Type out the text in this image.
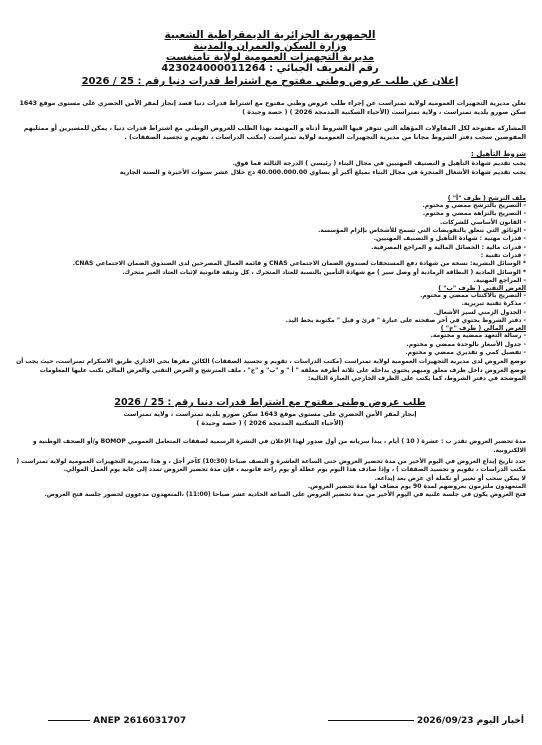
الجمهورية الجزائرية الديمقراطية الشعبية
وزارة السكن والعمران والمدينة
مديرية التجهيزات العمومية لولاية تامنغست
رقم التعريف الجبائي : 423024000011264
إعلان عن طلب عروض وطني مفتوح مع اشتراط قدرات دنيا رقم : 25 / 2026

تعلن مديرية التجهيزات العمومية لولاية تمنراست عن إجراء طلب عروض وطني مفتوح مع اشتراط قدرات دنيا قصد إنجاز لمقر الأمن الحضري على مستوى موقع 1643 سكن صورو بلدية تمنراست ، ولاية تمنراست (الأحياء السكنية المدمجة 2026 ) ( حصة وحيدة )

المشاركة مفتوحة لكل المقاولات المؤهلة التي تتوفر فيها الشروط أدناه و المهتمة بهذا الطلب للعروض الوطني مع اشتراط قدرات دنيا ، يمكن للمسيرين أو ممثليهم المفوضين سحب دفتر الشروط مجانا من مديرية التجهيزات العمومية لولاية تمنراست (مكتب الدراسات ، تقويم و تجسيد الصفقات) .

شروط التأهيل :

يجب تقديم شهادة التأهيل و التصنيف المهنيين في مجال البناء ( رئيسي ) الدرجة الثالثة فما فوق.

يجب تقديم شهادة الأشغال المنجزة في مجال البناء بمبلغ أكبر أو يساوي 40.000.000.00 دج خلال عشر سنوات الأخيرة و السنة الجارية

ملف الترشح ( ظرف "أ" )

- التصريح بالترشح ممضي و مختوم.

- التصريح بالنزاهة ممضي و مختوم.

- القانون الأساسي للشركات.

- الوثائق التي تتعلق بالتفويضات التي تسمح للأشخاص بإلزام المؤسسة.

- قدرات مهنية : شهادة التأهيل و التصنيف المهنيين.

- قدرات مالية : الحصائل المالية و المراجع المصرفية.

- قدرات تقنية :

* الوسائل البشرية: نسخة من شهادة دفع المستحقات لصندوق الضمان الاجتماعي CNAS و قائمة العمال المصرحين لدى الصندوق الضمان الاجتماعي CNAS.

* الوسائل المادية ( البطاقة الرمادية أو وصل سير ) مع شهادة التأمين بالنسبة للعتاد المتحرك ، كل وثيقة قانونية لإثبات العتاد الغير متحرك.

- المراجع المهنية.

العرض التقني ( ظرف "ب" )

- التصريح بالاكتتاب ممضي و مختوم.

- مذكرة تقنية تبريرية.

- الجدول الزمني لسير الأشغال.

- دفتر الشروط يحتوي في آخر صفحته على عبارة " قرئ و قبل " مكتوبة بخط اليد.

العرض المالي ( ظرف "ج" )

- رسالة التعهد ممضية و مختومة.

- جدول الأسعار بالوحدة ممضي و مختوم.

- تفصيل كمي و تقديري ممضي و مختوم.

توضع العروض لدى مديرية التجهيزات العمومية لولاية تمنراست (مكتب الدراسات ، تقويم و تجسيد الصفقات) الكائن مقرها بحي الاداري طريق الاسكرام تمنراست، حيث يجب أن توضع العروض داخل ظرف مغلق ومبهم يحتوي بداخله على ثلاثة أظرفة مغلقة " أ " و "ب" و "ج" ، ملف المترشح و العرض التقني والعرض المالي تكتب عليها المعلومات الموضحة في دفتر الشروط، كما يكتب على الظرف الخارجي العبارة التالية:

طلب عروض وطني مفتوح مع اشتراط قدرات دنيا رقم : 25 / 2026
إنجاز لمقر الأمن الحضري على مستوى موقع 1643 سكن صورو بلدية تمنراست ، ولاية تمنراست
(الأحياء السكنية المدمجة 2026 ) ( حصة وحيدة )

مدة تحضير العروض تقدر ب : عشرة ( 10 ) أيام ، يبدأ سريانه من أول صدور لهذا الإعلان في النشرة الرسمية لصفقات المتعامل العمومي BOMOP و/أو الصحف الوطنية و الالكترونية.

حدد تاريخ إيداع العروض في اليوم الأخير من مدة تحضير العروض حتى الساعة العاشرة و النصف صباحا (10:30) كآخر أجل ، و هذا بمديرية التجهيزات العمومية لولاية تمنراست ( مكتب الدراسات ، تقويم و تجسيد الصفقات ) ، وإذا صادف هذا اليوم يوم عطلة أو يوم راحة قانونية ، فإن مدة تحضير العروض تمدد إلى غاية يوم العمل الموالي.

لا يمكن سحب أو تغيير أو تكملة أي عرض بعد إيداعه.

المتعهدون ملتزمون بعروضهم لمدة 90 يوم مضاف لها مدة تحضير العروض.

فتح العروض يكون في جلسة علنية في اليوم الأخير من مدة تحضير العروض على الساعة الحادية عشر صباحا (11:00) ،المتعهدون مدعوون لحضور جلسة فتح العروض.

ANEP 2616031707	أخبار اليوم 2026/09/23
